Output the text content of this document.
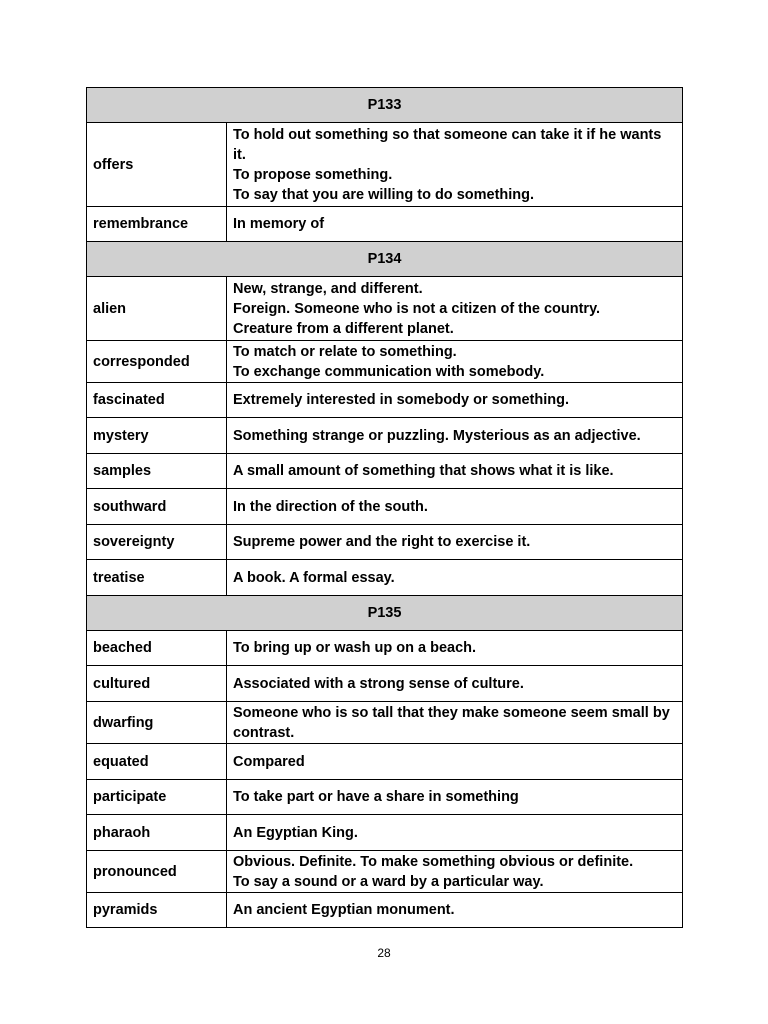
P133	
offers	To hold out something so that someone can take it if he wants it.
To propose something.
To say that you are willing to do something.

remembrance	In memory of

P134	
alien	New, strange, and different.
Foreign. Someone who is not a citizen of the country.
Creature from a different planet.

corresponded	To match or relate to something.
To exchange communication with somebody.

fascinated	Extremely interested in somebody or something.

mystery	Something strange or puzzling. Mysterious as an adjective.

samples	A small amount of something that shows what it is like.

southward	In the direction of the south.

sovereignty	Supreme power and the right to exercise it.

treatise	A book. A formal essay.

P135	
beached	To bring up or wash up on a beach.

cultured	Associated with a strong sense of culture.

dwarfing	Someone who is so tall that they make someone seem small by contrast.

equated	Compared

participate	To take part or have a share in something

pharaoh	An Egyptian King.

pronounced	Obvious. Definite. To make something obvious or definite.
To say a sound or a ward by a particular way.

pyramids	An ancient Egyptian monument.
28
